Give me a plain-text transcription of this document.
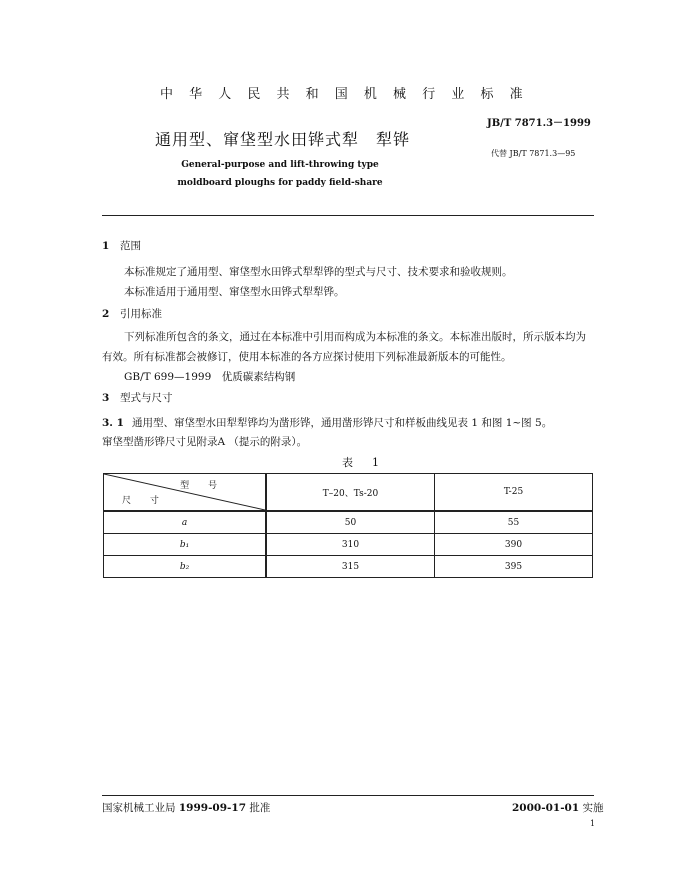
中 华 人 民 共 和 国 机 械 行 业 标 准
JB/T 7871.3－1999
通用型、窜垡型水田铧式犁　犁铧
代替 JB/T 7871.3—95
General-purpose and lift-throwing type moldboard ploughs for paddy field-share
1 范围
本标准规定了通用型、窜垡型水田铧式犁犁铧的型式与尺寸、技术要求和验收规则。
本标准适用于通用型、窜垡型水田铧式犁犁铧。
2 引用标准
下列标准所包含的条文，通过在本标准中引用而构成为本标准的条文。本标准出版时，所示版本均为有效。所有标准都会被修订，使用本标准的各方应探讨使用下列标准最新版本的可能性。
GB/T 699—1999　优质碳素结构钢
3 型式与尺寸
3. 1 通用型、窜垡型水田犁犁铧均为凿形铧，通用凿形铧尺寸和样板曲线见表 1 和图 1~图 5。
窜垡型凿形铧尺寸见附录A （提示的附录）。
表　1
型 号
尺 寸	T–20、Ts-20	T-25
a	50	55
b₁	310	390
b₂	315	395
国家机械工业局 1999-09-17 批准	2000-01-01 实施
1
